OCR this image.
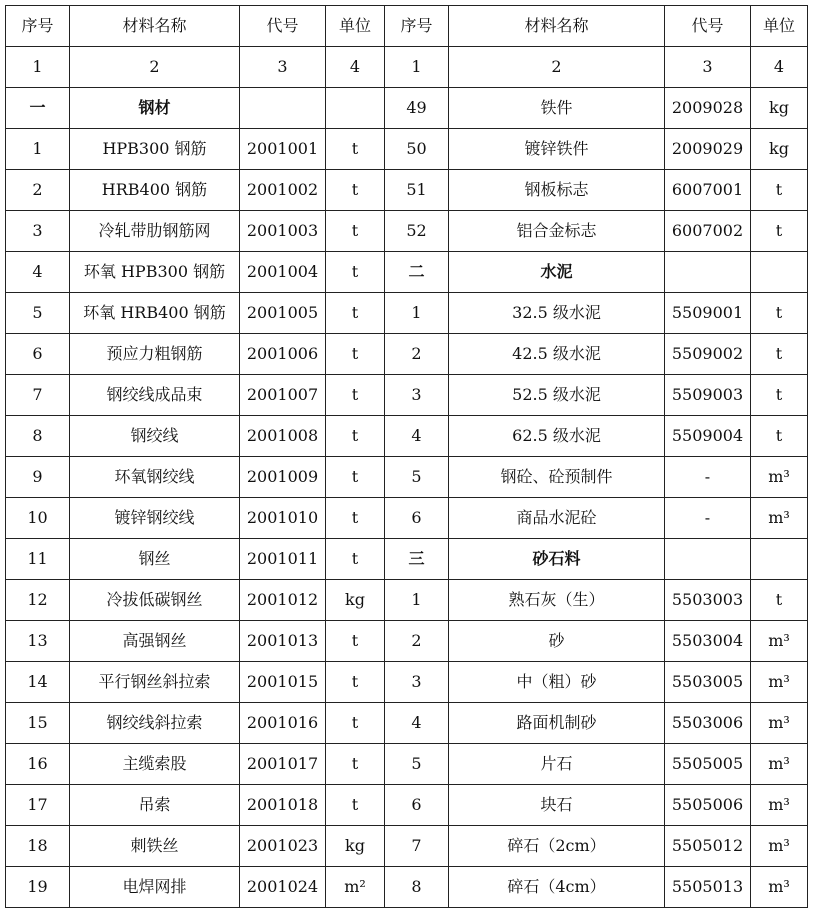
序号	材料名称	代号	单位	序号	材料名称	代号	单位
1	2	3	4	1	2	3	4
一	钢材			49	铁件	2009028	kg
1	HPB300 钢筋	2001001	t	50	镀锌铁件	2009029	kg
2	HRB400 钢筋	2001002	t	51	钢板标志	6007001	t
3	冷轧带肋钢筋网	2001003	t	52	铝合金标志	6007002	t
4	环氧 HPB300 钢筋	2001004	t	二	水泥		
5	环氧 HRB400 钢筋	2001005	t	1	32.5 级水泥	5509001	t
6	预应力粗钢筋	2001006	t	2	42.5 级水泥	5509002	t
7	钢绞线成品束	2001007	t	3	52.5 级水泥	5509003	t
8	钢绞线	2001008	t	4	62.5 级水泥	5509004	t
9	环氧钢绞线	2001009	t	5	钢砼、砼预制件	-	m³
10	镀锌钢绞线	2001010	t	6	商品水泥砼	-	m³
11	钢丝	2001011	t	三	砂石料		
12	冷拔低碳钢丝	2001012	kg	1	熟石灰（生）	5503003	t
13	高强钢丝	2001013	t	2	砂	5503004	m³
14	平行钢丝斜拉索	2001015	t	3	中（粗）砂	5503005	m³
15	钢绞线斜拉索	2001016	t	4	路面机制砂	5503006	m³
16	主缆索股	2001017	t	5	片石	5505005	m³
17	吊索	2001018	t	6	块石	5505006	m³
18	刺铁丝	2001023	kg	7	碎石（2cm）	5505012	m³
19	电焊网排	2001024	m²	8	碎石（4cm）	5505013	m³
